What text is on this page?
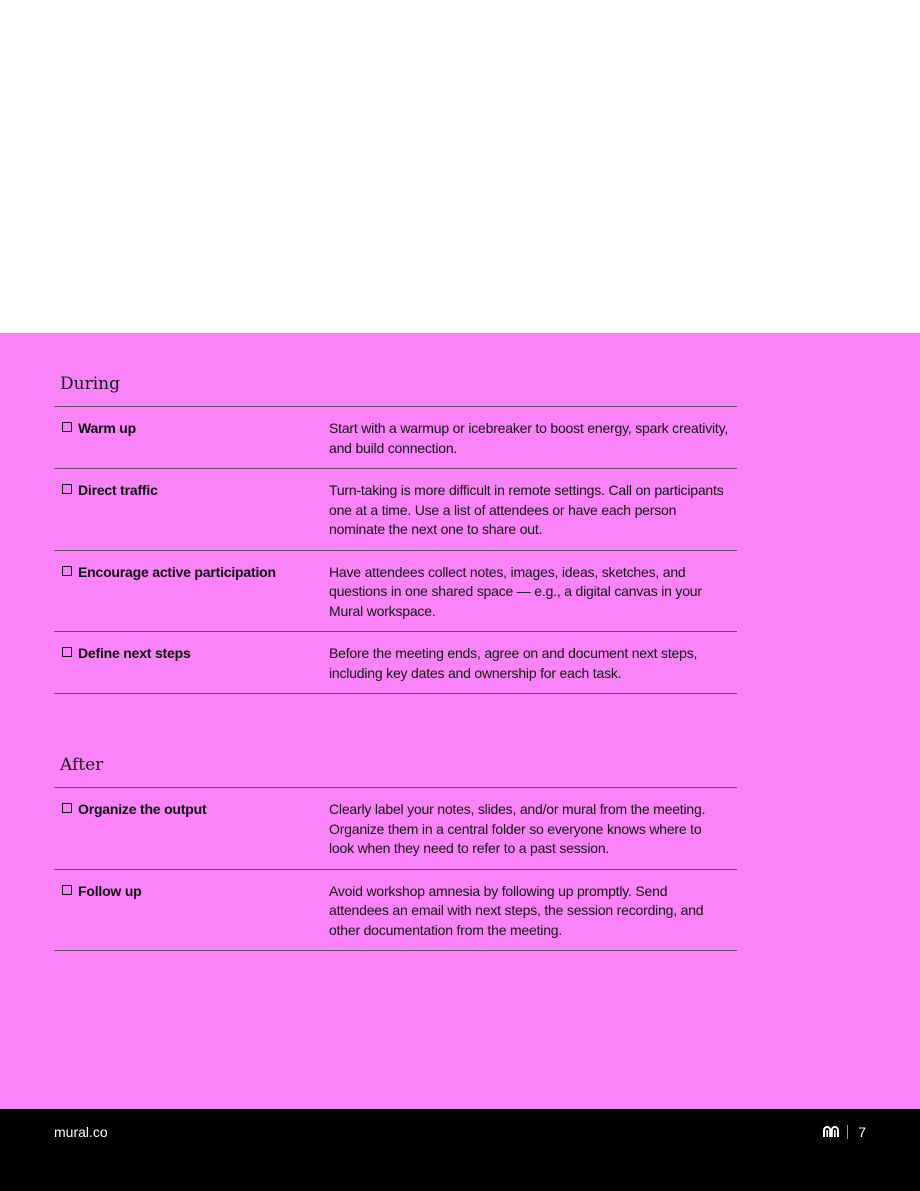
During
Warm up	Start with a warmup or icebreaker to boost energy, spark creativity, and build connection.
Direct traffic	Turn-taking is more difficult in remote settings. Call on participants one at a time. Use a list of attendees or have each person nominate the next one to share out.
Encourage active participation	Have attendees collect notes, images, ideas, sketches, and questions in one shared space — e.g., a digital canvas in your Mural workspace.
Define next steps	Before the meeting ends, agree on and document next steps, including key dates and ownership for each task.
After
Organize the output	Clearly label your notes, slides, and/or mural from the meeting. Organize them in a central folder so everyone knows where to look when they need to refer to a past session.
Follow up	Avoid workshop amnesia by following up promptly. Send attendees an email with next steps, the session recording, and other documentation from the meeting.
mural.co	7
